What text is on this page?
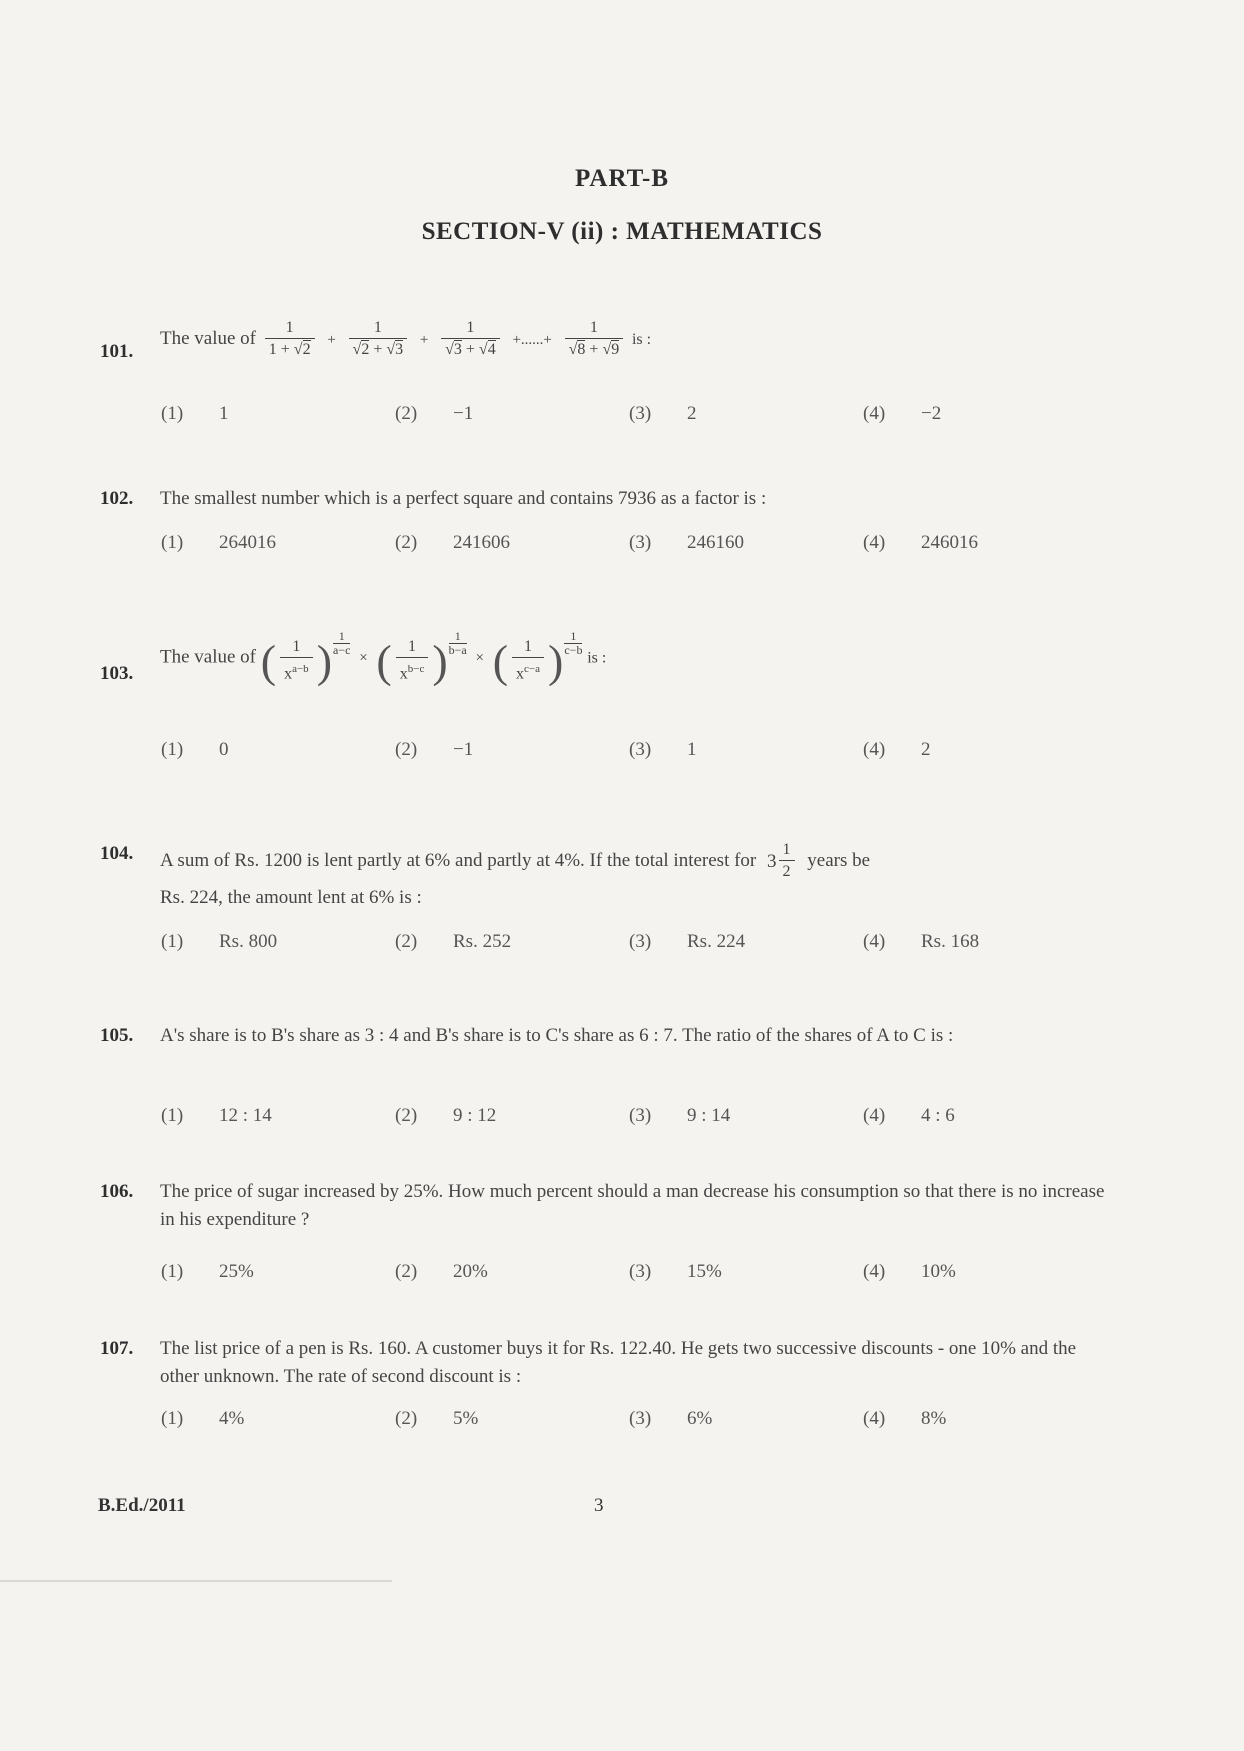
PART-B
SECTION-V (ii) : MATHEMATICS
101.
The value of $\frac{1}{1 + √2} + \frac{1}{√2 + √3} + \frac{1}{√3 + √4}$ +......+ $\frac{1}{√8 + √9}$ is :
(1) 1	(2) −1	(3) 2	(4) −2
102. The smallest number which is a perfect square and contains 7936 as a factor is :
(1) 264016	(2) 241606	(3) 246160	(4) 246016
103.
The value of ( $\frac{1}{x^{a-b}}$ ) $\frac{1}{a-c}$
× ( $\frac{1}{x^{b-c}}$ ) $\frac{1}{b-a}$
× ( $\frac{1}{x^{c-a}}$ ) $\frac{1}{c-b}$
is :
(1) 0	(2) −1	(3) 1	(4) 2
104. A sum of Rs. 1200 is lent partly at 6% and partly at 4%. If the total interest for $3 \frac{1}{2}$ years be
Rs. 224, the amount lent at 6% is :
(1) Rs. 800	(2) Rs. 252	(3) Rs. 224	(4) Rs. 168
105. A's share is to B's share as 3 : 4 and B's share is to C's share as 6 : 7. The ratio of the shares of A to C is :
(1) 12 : 14	(2) 9 : 12	(3) 9 : 14	(4) 4 : 6
106. The price of sugar increased by 25%. How much percent should a man decrease his consumption so that there is no increase in his expenditure ?
(1) 25%	(2) 20%	(3) 15%	(4) 10%
107. The list price of a pen is Rs. 160. A customer buys it for Rs. 122.40. He gets two successive discounts - one 10% and the other unknown. The rate of second discount is :
(1) 4%	(2) 5%	(3) 6%	(4) 8%
B.Ed./2011	3
